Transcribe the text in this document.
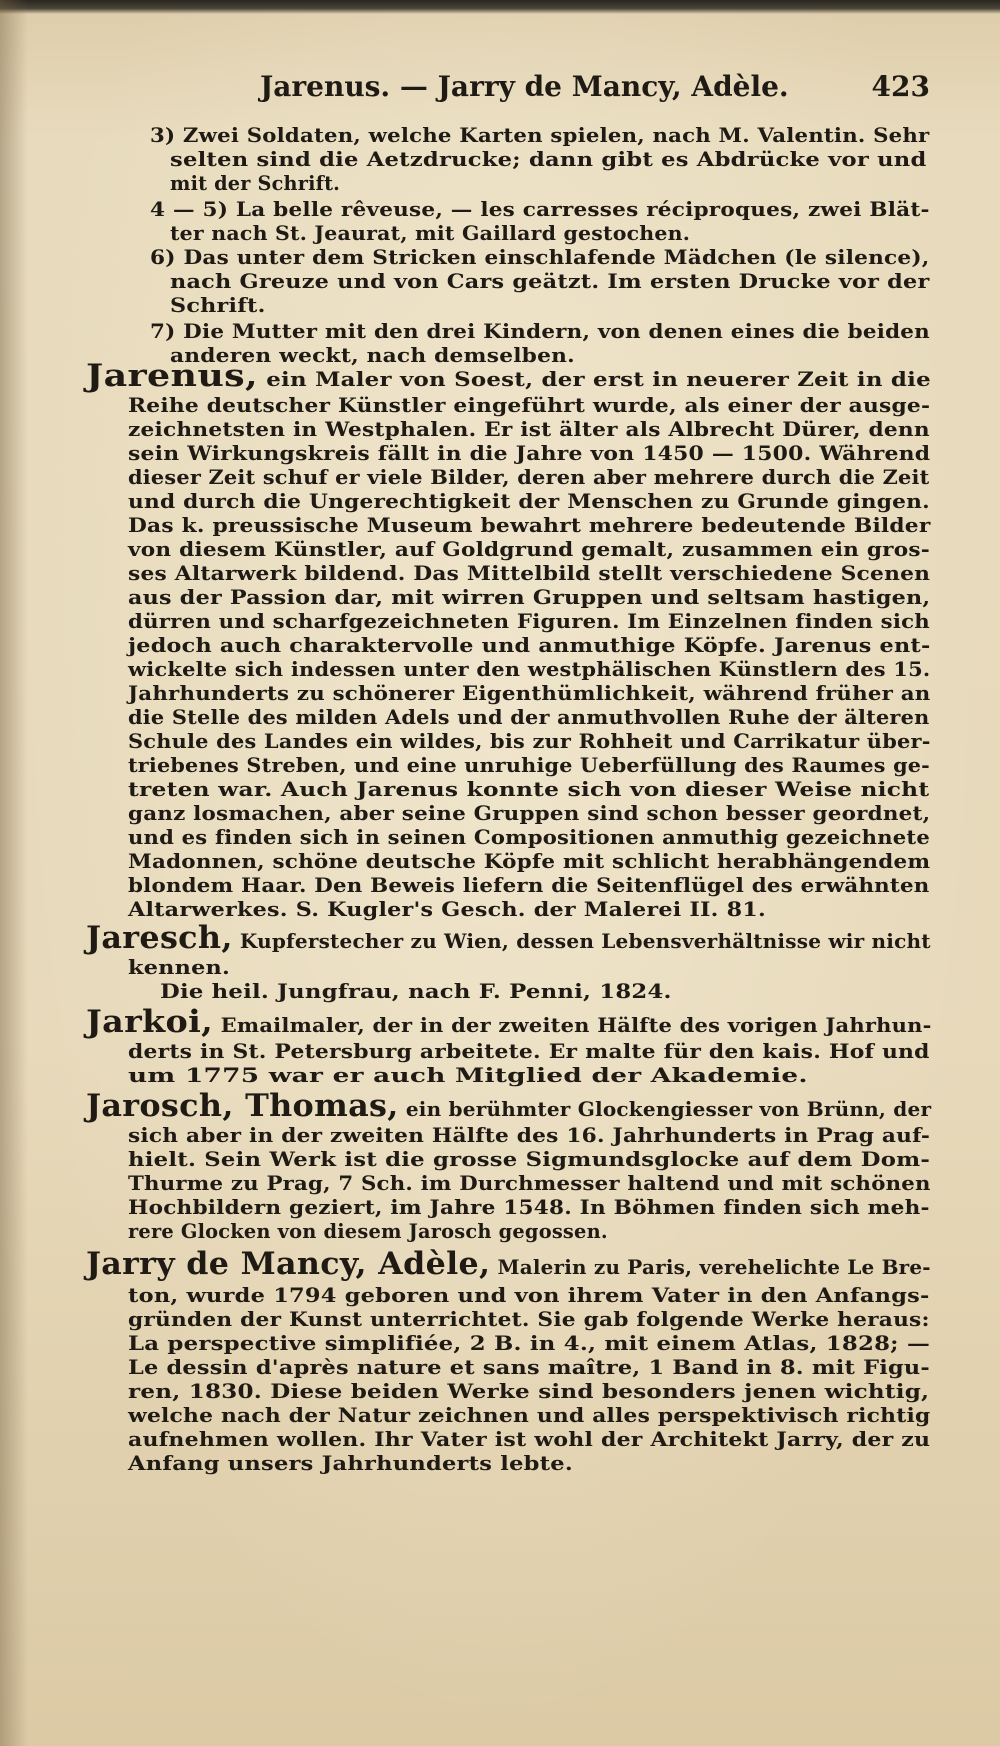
Jarenus. — Jarry de Mancy, Adèle.	423
3) Zwei Soldaten, welche Karten spielen, nach M. Valentin. Sehr
selten sind die Aetzdrucke; dann gibt es Abdrücke vor und
mit der Schrift.
4 — 5) La belle rêveuse, — les carresses réciproques, zwei Blät-
ter nach St. Jeaurat, mit Gaillard gestochen.
6) Das unter dem Stricken einschlafende Mädchen (le silence),
nach Greuze und von Cars geätzt. Im ersten Drucke vor der
Schrift.
7) Die Mutter mit den drei Kindern, von denen eines die beiden
anderen weckt, nach demselben.
Jarenus, ein Maler von Soest, der erst in neuerer Zeit in die
Reihe deutscher Künstler eingeführt wurde, als einer der ausge-
zeichnetsten in Westphalen. Er ist älter als Albrecht Dürer, denn
sein Wirkungskreis fällt in die Jahre von 1450 — 1500. Während
dieser Zeit schuf er viele Bilder, deren aber mehrere durch die Zeit
und durch die Ungerechtigkeit der Menschen zu Grunde gingen.
Das k. preussische Museum bewahrt mehrere bedeutende Bilder
von diesem Künstler, auf Goldgrund gemalt, zusammen ein gros-
ses Altarwerk bildend. Das Mittelbild stellt verschiedene Scenen
aus der Passion dar, mit wirren Gruppen und seltsam hastigen,
dürren und scharfgezeichneten Figuren. Im Einzelnen finden sich
jedoch auch charaktervolle und anmuthige Köpfe. Jarenus ent-
wickelte sich indessen unter den westphälischen Künstlern des 15.
Jahrhunderts zu schönerer Eigenthümlichkeit, während früher an
die Stelle des milden Adels und der anmuthvollen Ruhe der älteren
Schule des Landes ein wildes, bis zur Rohheit und Carrikatur über-
triebenes Streben, und eine unruhige Ueberfüllung des Raumes ge-
treten war. Auch Jarenus konnte sich von dieser Weise nicht
ganz losmachen, aber seine Gruppen sind schon besser geordnet,
und es finden sich in seinen Compositionen anmuthig gezeichnete
Madonnen, schöne deutsche Köpfe mit schlicht herabhängendem
blondem Haar. Den Beweis liefern die Seitenflügel des erwähnten
Altarwerkes. S. Kugler's Gesch. der Malerei II. 81.
Jaresch, Kupferstecher zu Wien, dessen Lebensverhältnisse wir nicht
kennen.
Die heil. Jungfrau, nach F. Penni, 1824.
Jarkoi, Emailmaler, der in der zweiten Hälfte des vorigen Jahrhun-
derts in St. Petersburg arbeitete. Er malte für den kais. Hof und
um 1775 war er auch Mitglied der Akademie.
Jarosch, Thomas, ein berühmter Glockengiesser von Brünn, der
sich aber in der zweiten Hälfte des 16. Jahrhunderts in Prag auf-
hielt. Sein Werk ist die grosse Sigmundsglocke auf dem Dom-
Thurme zu Prag, 7 Sch. im Durchmesser haltend und mit schönen
Hochbildern geziert, im Jahre 1548. In Böhmen finden sich meh-
rere Glocken von diesem Jarosch gegossen.
Jarry de Mancy, Adèle, Malerin zu Paris, verehelichte Le Bre-
ton, wurde 1794 geboren und von ihrem Vater in den Anfangs-
gründen der Kunst unterrichtet. Sie gab folgende Werke heraus:
La perspective simplifiée, 2 B. in 4., mit einem Atlas, 1828; —
Le dessin d'après nature et sans maître, 1 Band in 8. mit Figu-
ren, 1830. Diese beiden Werke sind besonders jenen wichtig,
welche nach der Natur zeichnen und alles perspektivisch richtig
aufnehmen wollen. Ihr Vater ist wohl der Architekt Jarry, der zu
Anfang unsers Jahrhunderts lebte.
